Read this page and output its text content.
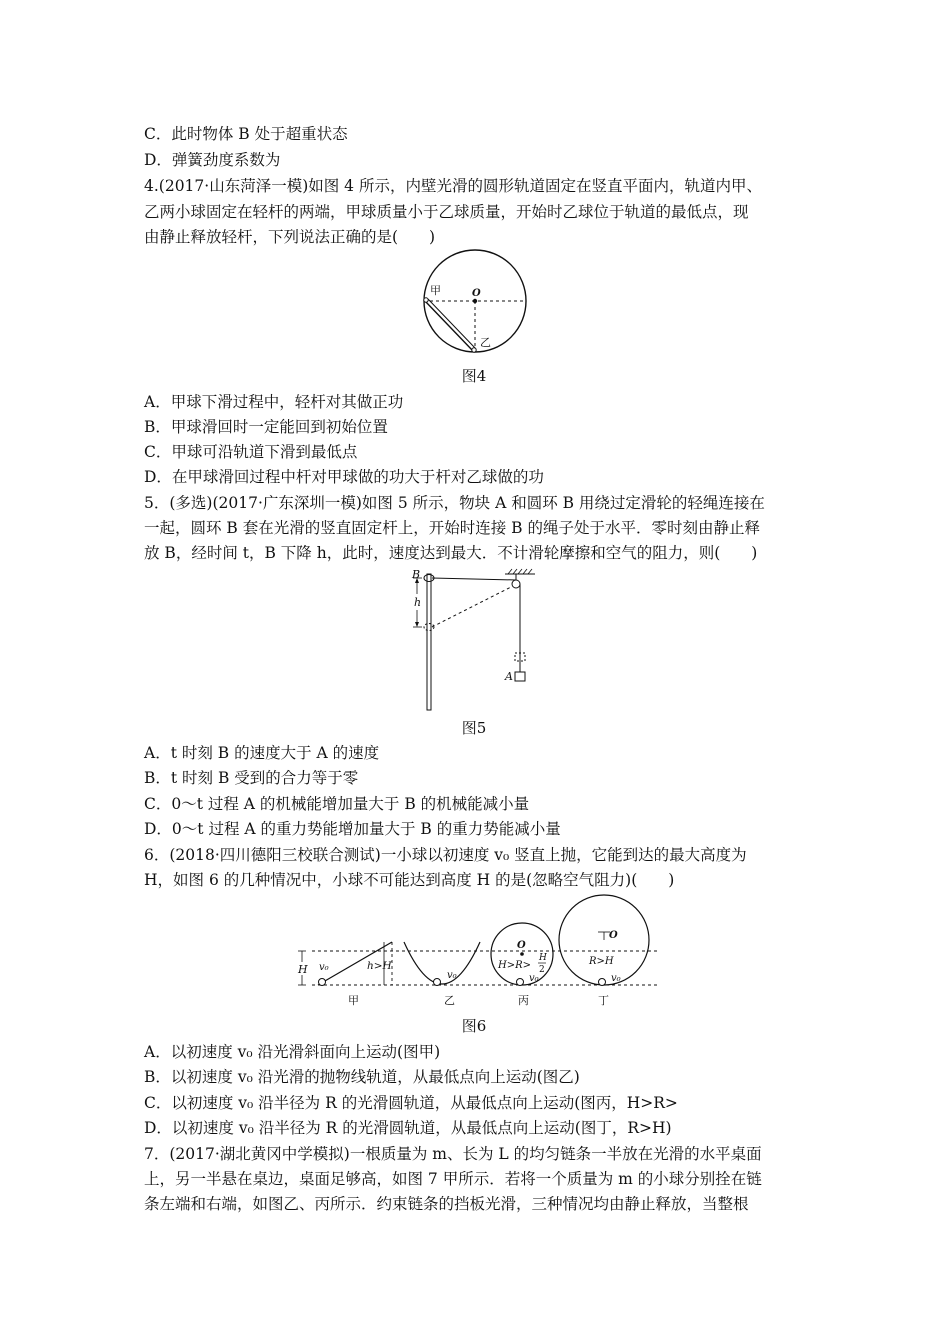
C．此时物体 B 处于超重状态
D．弹簧劲度系数为
4.(2017·山东菏泽一模)如图 4 所示，内壁光滑的圆形轨道固定在竖直平面内，轨道内甲、
乙两小球固定在轻杆的两端，甲球质量小于乙球质量，开始时乙球位于轨道的最低点，现
由静止释放轻杆，下列说法正确的是(　　)
甲	O
乙
图4
A．甲球下滑过程中，轻杆对其做正功
B．甲球滑回时一定能回到初始位置
C．甲球可沿轨道下滑到最低点
D．在甲球滑回过程中杆对甲球做的功大于杆对乙球做的功
5．(多选)(2017·广东深圳一模)如图 5 所示，物块 A 和圆环 B 用绕过定滑轮的轻绳连接在
一起，圆环 B 套在光滑的竖直固定杆上，开始时连接 B 的绳子处于水平．零时刻由静止释
放 B，经时间 t，B 下降 h，此时，速度达到最大．不计滑轮摩擦和空气的阻力，则(　　)
B
h
A
图5
A．t 时刻 B 的速度大于 A 的速度
B．t 时刻 B 受到的合力等于零
C．0～t 过程 A 的机械能增加量大于 B 的机械能减小量
D．0～t 过程 A 的重力势能增加量大于 B 的重力势能减小量
6．(2018·四川德阳三校联合测试)一小球以初速度 v₀ 竖直上抛，它能到达的最大高度为
H，如图 6 的几种情况中，小球不可能达到高度 H 的是(忽略空气阻力)(　　)
H v₀	h>H
甲
v₀
乙
O
H>R>
H
2
v₀
丙
O
R>H
v₀
丁
图6
A．以初速度 v₀ 沿光滑斜面向上运动(图甲)
B．以初速度 v₀ 沿光滑的抛物线轨道，从最低点向上运动(图乙)
C．以初速度 v₀ 沿半径为 R 的光滑圆轨道，从最低点向上运动(图丙，H>R>
D．以初速度 v₀ 沿半径为 R 的光滑圆轨道，从最低点向上运动(图丁，R>H)
7．(2017·湖北黄冈中学模拟)一根质量为 m、长为 L 的均匀链条一半放在光滑的水平桌面
上，另一半悬在桌边，桌面足够高，如图 7 甲所示．若将一个质量为 m 的小球分别拴在链
条左端和右端，如图乙、丙所示．约束链条的挡板光滑，三种情况均由静止释放，当整根
